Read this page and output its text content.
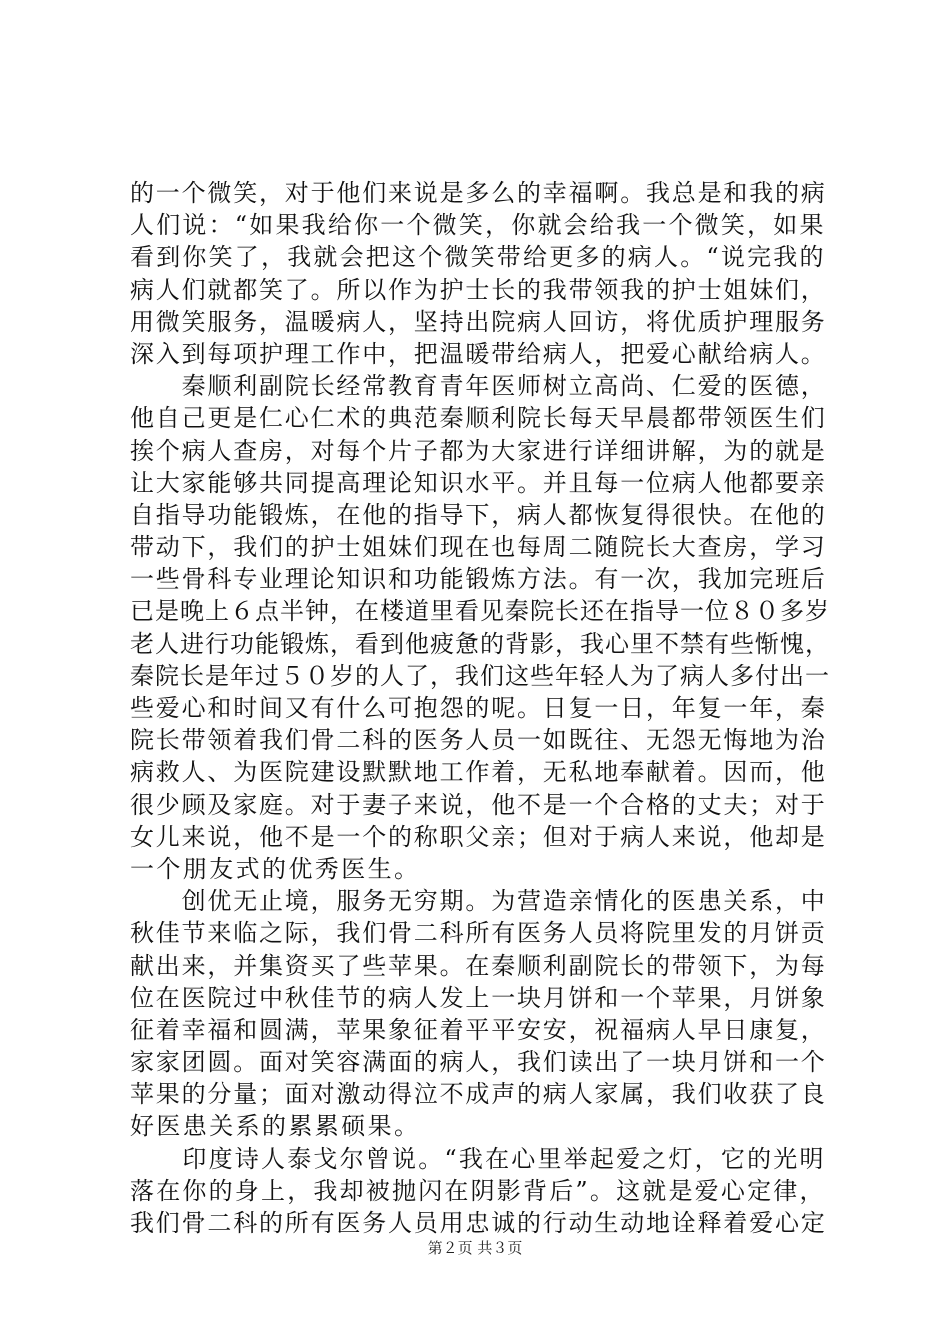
的一个微笑，对于他们来说是多么的幸福啊。我总是和我的病
人们说：“如果我给你一个微笑，你就会给我一个微笑，如果
看到你笑了，我就会把这个微笑带给更多的病人。“说完我的
病人们就都笑了。所以作为护士长的我带领我的护士姐妹们，
用微笑服务，温暖病人，坚持出院病人回访，将优质护理服务
深入到每项护理工作中，把温暖带给病人，把爱心献给病人。
　　秦顺利副院长经常教育青年医师树立高尚、仁爱的医德，
他自己更是仁心仁术的典范秦顺利院长每天早晨都带领医生们
挨个病人查房，对每个片子都为大家进行详细讲解，为的就是
让大家能够共同提高理论知识水平。并且每一位病人他都要亲
自指导功能锻炼，在他的指导下，病人都恢复得很快。在他的
带动下，我们的护士姐妹们现在也每周二随院长大查房，学习
一些骨科专业理论知识和功能锻炼方法。有一次，我加完班后
已是晚上６点半钟，在楼道里看见秦院长还在指导一位８０多岁
老人进行功能锻炼，看到他疲惫的背影，我心里不禁有些惭愧，
秦院长是年过５０岁的人了，我们这些年轻人为了病人多付出一
些爱心和时间又有什么可抱怨的呢。日复一日，年复一年，秦
院长带领着我们骨二科的医务人员一如既往、无怨无悔地为治
病救人、为医院建设默默地工作着，无私地奉献着。因而，他
很少顾及家庭。对于妻子来说，他不是一个合格的丈夫；对于
女儿来说，他不是一个的称职父亲；但对于病人来说，他却是
一个朋友式的优秀医生。
　　创优无止境，服务无穷期。为营造亲情化的医患关系，中
秋佳节来临之际，我们骨二科所有医务人员将院里发的月饼贡
献出来，并集资买了些苹果。在秦顺利副院长的带领下，为每
位在医院过中秋佳节的病人发上一块月饼和一个苹果，月饼象
征着幸福和圆满，苹果象征着平平安安，祝福病人早日康复，
家家团圆。面对笑容满面的病人，我们读出了一块月饼和一个
苹果的分量；面对激动得泣不成声的病人家属，我们收获了良
好医患关系的累累硕果。
　　印度诗人泰戈尔曾说。“我在心里举起爱之灯，它的光明
落在你的身上，我却被抛闪在阴影背后”。这就是爱心定律，
我们骨二科的所有医务人员用忠诚的行动生动地诠释着爱心定
第２页 共３页
